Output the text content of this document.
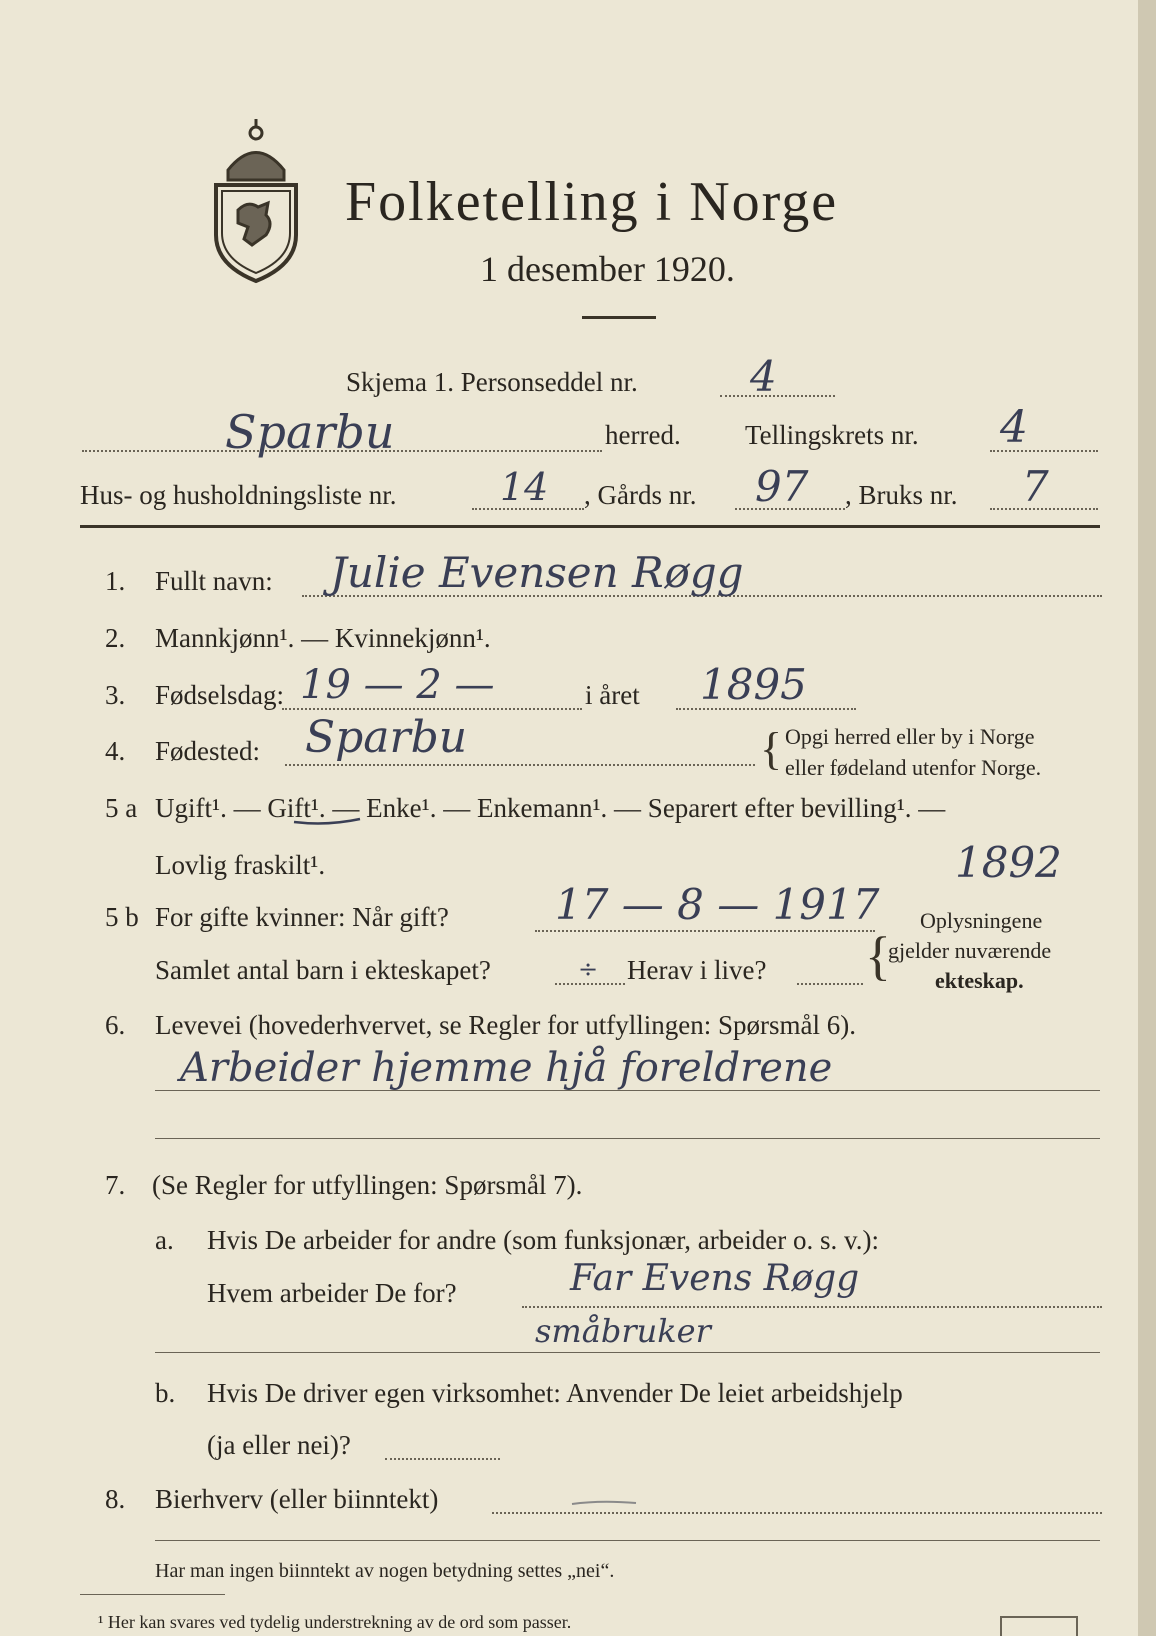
Folketelling i Norge
1 desember 1920.
Skjema 1. Personseddel nr.	4
Sparbu	herred. Tellingskrets nr. 4
Hus- og husholdningsliste nr.	14 , Gårds nr. 97 , Bruks nr. 7
1. Fullt navn: Julie Evensen Røgg
2. Mannkjønn¹. — Kvinnekjønn¹.
3. Fødselsdag: 19 — 2 —	i året 1895
4. Fødested: Sparbu	{ Opgi herred eller by i Norge
eller fødeland utenfor Norge.
5 a Ugift¹. — Gift¹. — Enke¹. — Enkemann¹. — Separert efter bevilling¹. —
Lovlig fraskilt¹.	1892
5 b For gifte kvinner: Når gift?	17 — 8 — 1917
Samlet antal barn i ekteskapet?	÷ Herav i live? {
Oplysningene
gjelder nuværende
ekteskap.
6. Levevei (hovederhvervet, se Regler for utfyllingen: Spørsmål 6).
Arbeider hjemme hjå foreldrene
7. (Se Regler for utfyllingen: Spørsmål 7).
a. Hvis De arbeider for andre (som funksjonær, arbeider o. s. v.):
Hvem arbeider De for?	Far Evens Røgg
småbruker
b. Hvis De driver egen virksomhet: Anvender De leiet arbeidshjelp
(ja eller nei)?
8. Bierhverv (eller biinntekt)
Har man ingen biinntekt av nogen betydning settes „nei“.
¹ Her kan svares ved tydelig understrekning av de ord som passer.
